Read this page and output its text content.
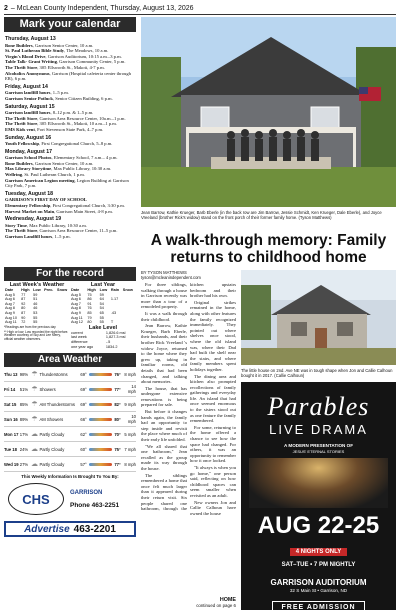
2 – McLean County Independent, Thursday, August 13, 2026
Mark your calendar
Thursday, August 13
Bone Builders, Garrison Senior Center, 10 a.m.
St. Paul Lutheran Bible Study, The Meadows, 10 a.m.
Virgin's Blood Drive, Garrison Auditorium, 10:15 a.m.–3 p.m.
Table Talk- Grant Writing, Garrison Community Center, 5 p.m.
The Thrift Store, 305 Ellsworth St., Makoti, 4-7 p.m.
Alcoholics Anonymous, Garrison (Hospital cafeteria center through ER), 6 p.m.
Friday, August 14
Garrison landfill hours, 1–5 p.m.
Garrison Senior Potluck, Senior Citizen Building, 6 p.m.
Saturday, August 15
Garrison landfill hours, 8–12 p.m. & 1–5 p.m.
The Thrift Store, Garrison Area Resource Center, 10a.m.–1 p.m.
The Thrift Store, 305 Ellsworth St., Makoti, 10 a.m.–1 p.m.
EMS Kids vent, Fort Stevenson State Park, 4–7 p.m.
Sunday, August 16
Youth Fellowship, First Congregational Church, 5–8 p.m.
Monday, August 17
Garrison School Photos, Elementary School, 7 a.m.– 4 p.m.
Bone Builders, Garrison Senior Center, 10 a.m.
Max Library Storytime, Max Public Library, 10:30 a.m.
Wellring, St. Paul Lutheran Church, 1 p.m.
Garrison American Legion meeting, Legion Building at Garrison City Park, 7 p.m.
Tuesday, August 18
GARRISON'S FIRST DAY OF SCHOOL
Elementary Fellowship, First Congregational Church, 3:30 p.m.
Harvest Market on Main, Garrison Main Street, 4-8 p.m.
Wednesday, August 19
Story Time, Max Public Library, 10:30 a.m.
The Thrift Store, Garrison Area Resource Center, 11–5 p.m.
Garrison Landfill hours, 1–5 p.m.
For the record
Last Week's Weather
Date	High	Low	Prec.	Snow
Aug 5	77	59		
Aug 6	87	51		
Aug 7	92	46		
Aug 8	80	46		
Aug 9	87	53		
Aug 10	90	55		
Aug 11	72	55		
*Readings are from the previous day
** High or low; Low recorded the night before. Weather courtesy of Sky and Lee Merry, official weather observers.
Last Year
Date	High	Low	Rain	Snow
Aug 5	75	59		
Aug 6	86	64	1.17	
Aug 7	91	54		
Aug 8	76	54		
Aug 9	85	65	.43	
Aug 11	79	55		
Aug 12	80	55	T	
Lake Level
current	1,826.6 msl
last week	1,827.3 msl
difference	-.5
one year ago	1834.2
Area Weather
Thu 13 98% ☂ Thunderstorms	69°	76° 8 mph
Fri 14	51% ☂ Showers	69°	77°	14 mph
Sat 15 85% ☂ AM Thunderstorms	69°	82° 9 mph
Sun 16 89% ☂ AM Showers	66°	80°	10 mph
Mon 17 17% ☁ Partly Cloudy	62°	70° 5 mph
Tue 18 24% ☁ Partly Cloudy	60°	75° 7 mph
Wed 19 27% ☁ Partly Cloudy	57°	77° 8 mph
This Weekly Information Is Brought To You By:
CHS	GARRISON
Phone 463-2251
Advertise 463-2201
Jean Barrow, Kathie Krueger, Barb Eberle (in the back row are Jim Barrow, Jessie Schmidt, Ken Krueger, Dale Eberle), and Joyce Vreeland (brother Rick's widow) stand on the front porch of their former family home. (Tyson Matthews)
A walk-through memory: Family returns to childhood home
BY TYSON MATTHEWS
tyson@mcleanindependent.com

For three siblings, walking through a house in Garrison recently was more than a tour of a remodeled property.

It was a walk through their childhood.

Jean Barrow, Kathie Krueger, Barb Eberle, their husbands, and their brother Rick Vreeland 's widow Joyce, returned to the home where they grew up, taking in familiar rooms, old details that had been changed, and talking about memories.

The house, that has undergone extensive renovations is being prepared for sale.

But before it changes hands again, the family had an opportunity to step inside and revisit the place where much of their early life unfolded.

"We all shared that one bathroom," Jean recalled as the group made its way through the house.

The siblings remembered a home that once felt much larger than it appeared during their return visit. Six people shared one bathroom, through the kitchen upstairs bedroom and their brother had his own.

Original strikes remained in the home, along with other features the family recognized immediately. They pointed out where shelves once stood, where the old island was, where their Dad had built the shelf near the stairs, and where family members spent holidays together.

The dining area and kitchen also prompted recollections of family gatherings and everyday life. An island that had once seemed enormous to the sisters stood out as one feature the family remembered.

For some, returning to the home offered a chance to see how the space had changed. For others, it was an opportunity to remember how it once looked.

"It always is when you go home," one person said, reflecting on how childhood spaces can seem smaller when revisited as an adult.

New owners Jon and Callie Calhoun have owned the house

HOME
continued on page 6
The little house on 2nd. Ave NE was in tough shape when Jon and Callie Calhoun bought it in 2017. (Callie Calhoun)
Parables
LIVE DRAMA
A MODERN PRESENTATION OF
JESUS' ETERNAL STORIES
AUG 22-25
4 NIGHTS ONLY
SAT–TUE • 7 PM NIGHTLY
GARRISON AUDITORIUM
32 S Main St • Garrison, ND
FREE ADMISSION
